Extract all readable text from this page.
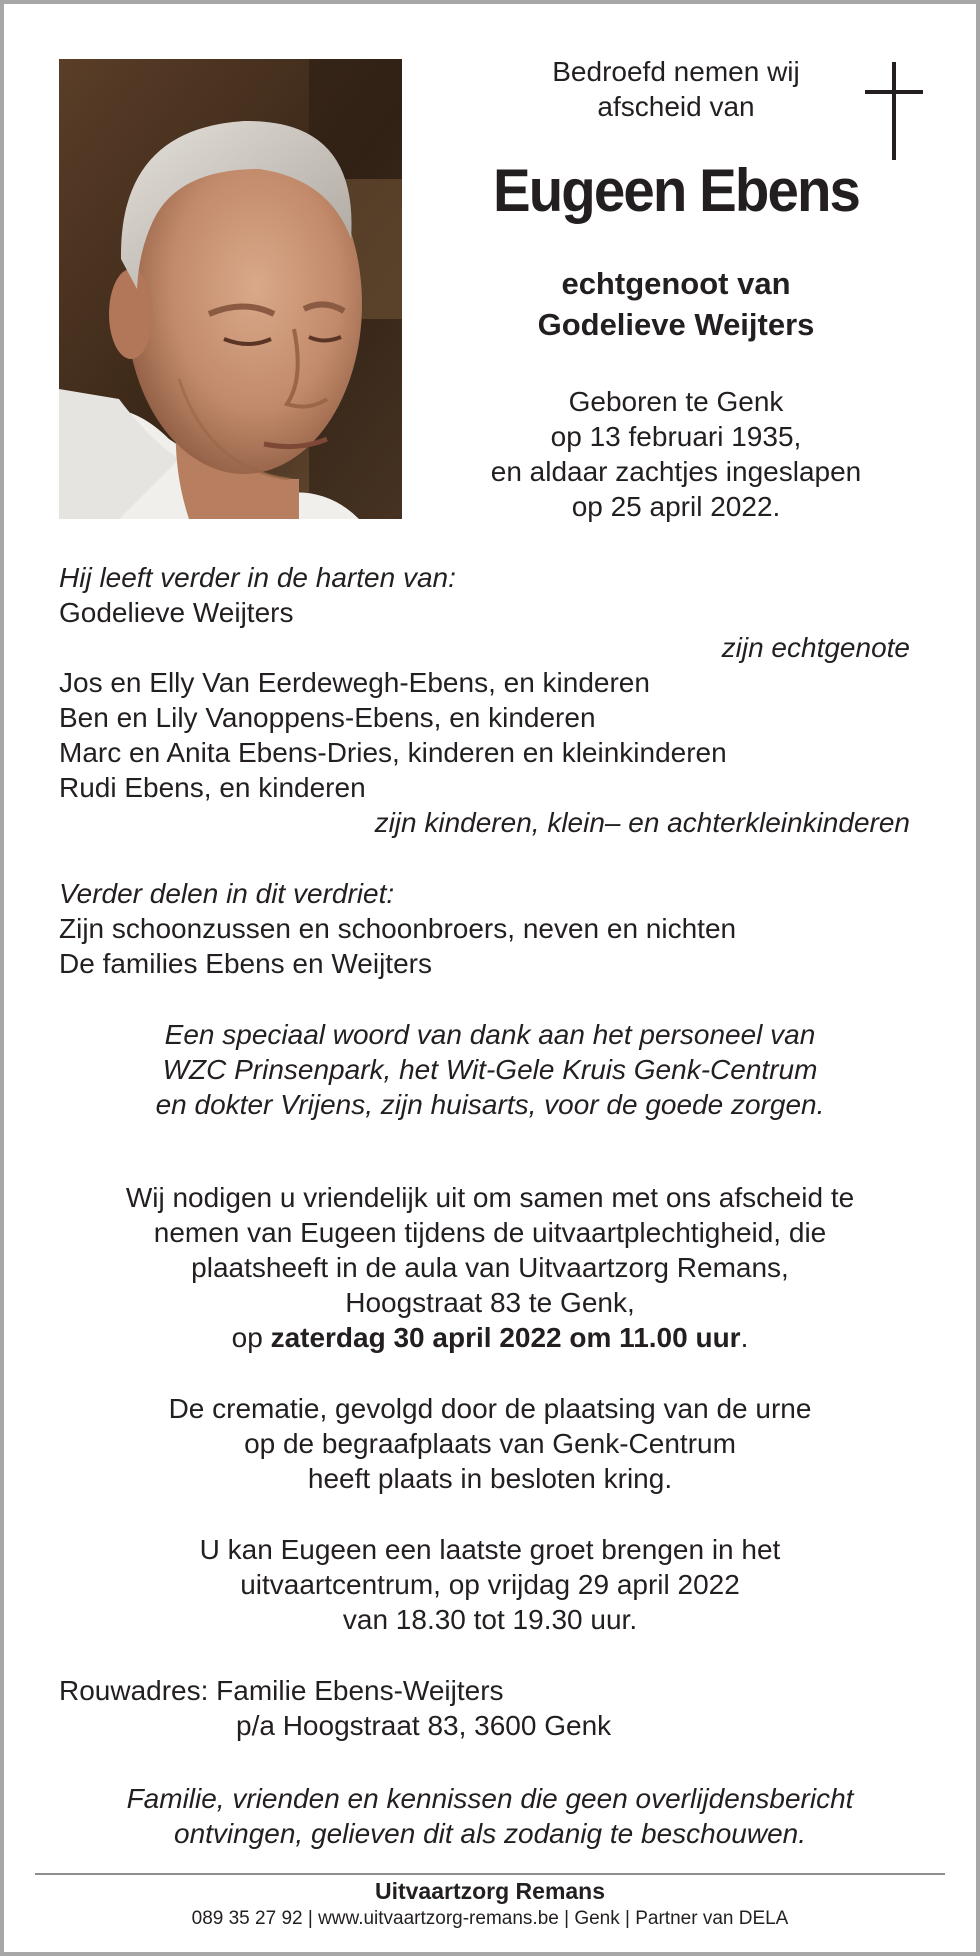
Bedroefd nemen wij

afscheid van

Eugeen Ebens

echtgenoot van

Godelieve Weijters

Geboren te Genk

op 13 februari 1935,

en aldaar zachtjes ingeslapen

op 25 april 2022.

Hij leeft verder in de harten van:

Godelieve Weijters

zijn echtgenote

Jos en Elly Van Eerdewegh-Ebens, en kinderen

Ben en Lily Vanoppens-Ebens, en kinderen

Marc en Anita Ebens-Dries, kinderen en kleinkinderen

Rudi Ebens, en kinderen

zijn kinderen, klein– en achterkleinkinderen

Verder delen in dit verdriet:

Zijn schoonzussen en schoonbroers, neven en nichten

De families Ebens en Weijters

Een speciaal woord van dank aan het personeel van

WZC Prinsenpark, het Wit-Gele Kruis Genk-Centrum

en dokter Vrijens, zijn huisarts, voor de goede zorgen.

Wij nodigen u vriendelijk uit om samen met ons afscheid te

nemen van Eugeen tijdens de uitvaartplechtigheid, die

plaatsheeft in de aula van Uitvaartzorg Remans,

Hoogstraat 83 te Genk,

op zaterdag 30 april 2022 om 11.00 uur.

De crematie, gevolgd door de plaatsing van de urne

op de begraafplaats van Genk-Centrum

heeft plaats in besloten kring.

U kan Eugeen een laatste groet brengen in het

uitvaartcentrum, op vrijdag 29 april 2022

van 18.30 tot 19.30 uur.

Rouwadres: Familie Ebens-Weijters

p/a Hoogstraat 83, 3600 Genk

Familie, vrienden en kennissen die geen overlijdensbericht

ontvingen, gelieven dit als zodanig te beschouwen.

Uitvaartzorg Remans

089 35 27 92 | www.uitvaartzorg-remans.be | Genk | Partner van DELA
